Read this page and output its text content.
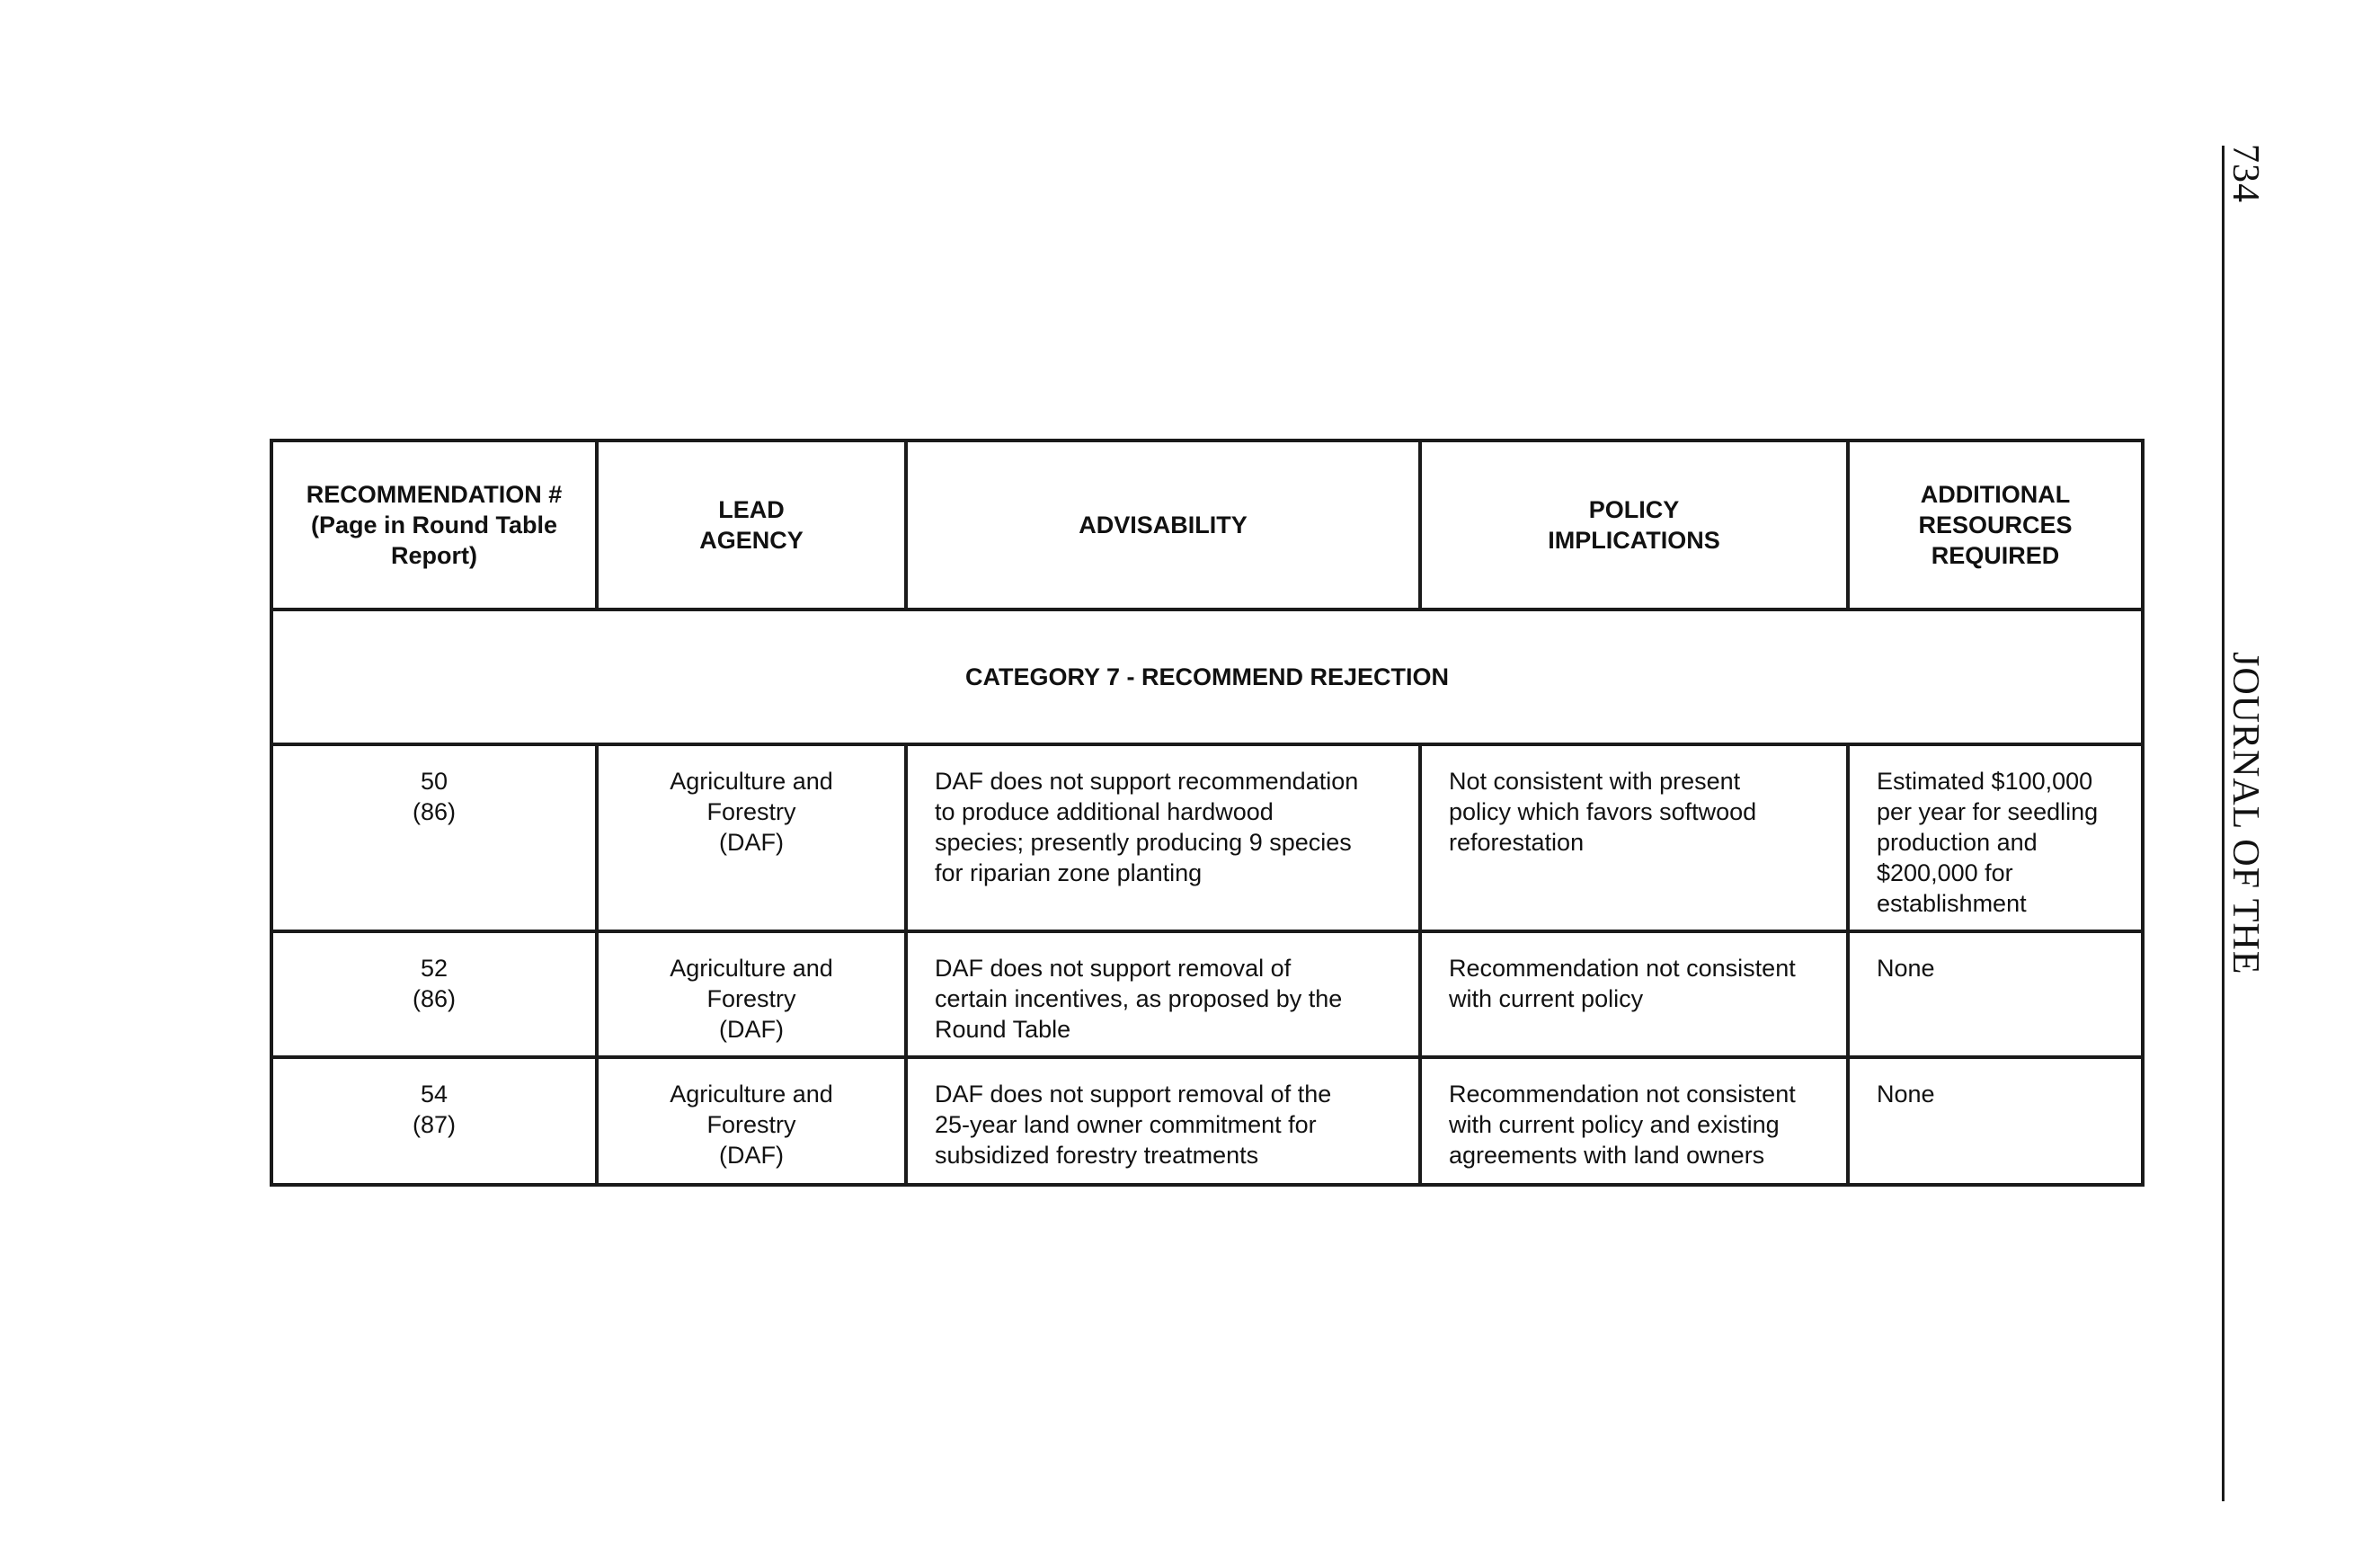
RECOMMENDATION #
(Page in Round Table
Report)	LEAD
AGENCY	ADVISABILITY	POLICY
IMPLICATIONS	ADDITIONAL
RESOURCES
REQUIRED

CATEGORY 7 - RECOMMEND REJECTION				

50
(86)	Agriculture and
Forestry
(DAF)	DAF does not support recommendation
to produce additional hardwood
species; presently producing 9 species
for riparian zone planting	Not consistent with present
policy which favors softwood
reforestation	Estimated $100,000
per year for seedling
production and
$200,000 for
establishment

52
(86)	Agriculture and
Forestry
(DAF)	DAF does not support removal of
certain incentives, as proposed by the
Round Table	Recommendation not consistent
with current policy	None

54
(87)	Agriculture and
Forestry
(DAF)	DAF does not support removal of the
25-year land owner commitment for
subsidized forestry treatments	Recommendation not consistent
with current policy and existing
agreements with land owners	None
734
JOURNAL OF THE
